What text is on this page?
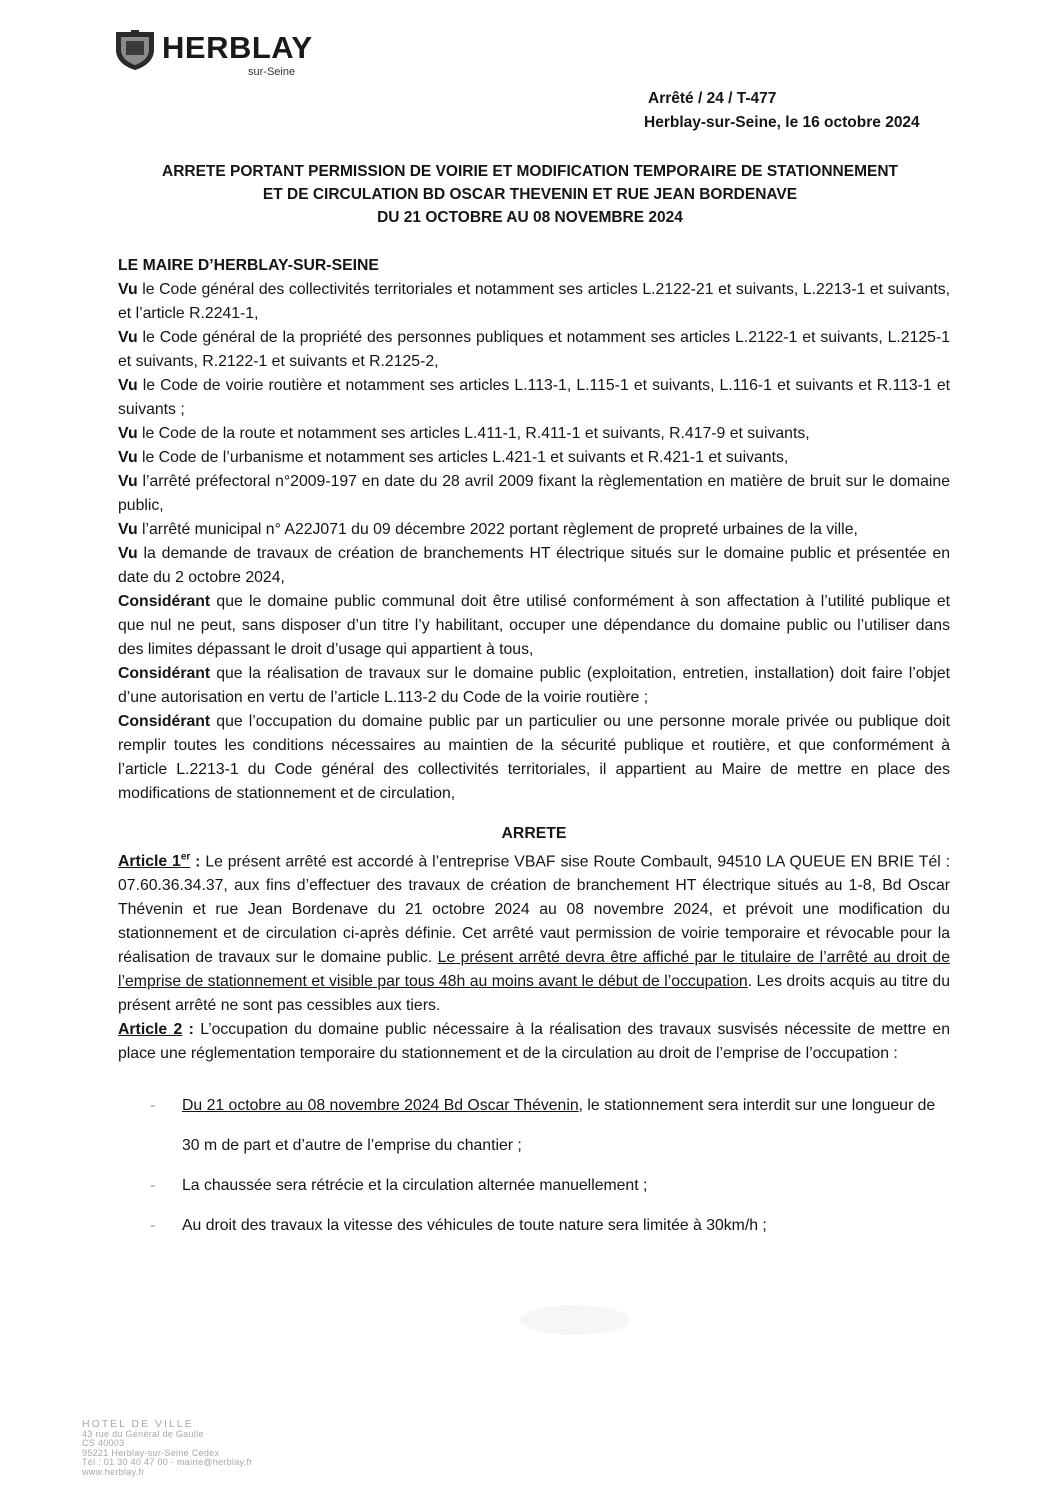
HERBLAY
sur-Seine
Arrêté / 24 / T-477
Herblay-sur-Seine, le 16 octobre 2024
ARRETE PORTANT PERMISSION DE VOIRIE ET MODIFICATION TEMPORAIRE DE STATIONNEMENT
ET DE CIRCULATION BD OSCAR THEVENIN ET RUE JEAN BORDENAVE
DU 21 OCTOBRE AU 08 NOVEMBRE 2024

LE MAIRE D’HERBLAY-SUR-SEINE

Vu le Code général des collectivités territoriales et notamment ses articles L.2122-21 et suivants, L.2213-1 et suivants, et l’article R.2241-1,

Vu le Code général de la propriété des personnes publiques et notamment ses articles L.2122-1 et suivants, L.2125-1 et suivants, R.2122-1 et suivants et R.2125-2,

Vu le Code de voirie routière et notamment ses articles L.113-1, L.115-1 et suivants, L.116-1 et suivants et R.113-1 et suivants ;

Vu le Code de la route et notamment ses articles L.411-1, R.411-1 et suivants, R.417-9 et suivants,

Vu le Code de l’urbanisme et notamment ses articles L.421-1 et suivants et R.421-1 et suivants,

Vu l’arrêté préfectoral n°2009-197 en date du 28 avril 2009 fixant la règlementation en matière de bruit sur le domaine public,

Vu l’arrêté municipal n° A22J071 du 09 décembre 2022 portant règlement de propreté urbaines de la ville,

Vu la demande de travaux de création de branchements HT électrique situés sur le domaine public et présentée en date du 2 octobre 2024,

Considérant que le domaine public communal doit être utilisé conformément à son affectation à l’utilité publique et que nul ne peut, sans disposer d’un titre l’y habilitant, occuper une dépendance du domaine public ou l’utiliser dans des limites dépassant le droit d’usage qui appartient à tous,

Considérant que la réalisation de travaux sur le domaine public (exploitation, entretien, installation) doit faire l’objet d’une autorisation en vertu de l’article L.113-2 du Code de la voirie routière ;

Considérant que l’occupation du domaine public par un particulier ou une personne morale privée ou publique doit remplir toutes les conditions nécessaires au maintien de la sécurité publique et routière, et que conformément à l’article L.2213-1 du Code général des collectivités territoriales, il appartient au Maire de mettre en place des modifications de stationnement et de circulation,

ARRETE

Article 1er : Le présent arrêté est accordé à l’entreprise VBAF sise Route Combault, 94510 LA QUEUE EN BRIE Tél : 07.60.36.34.37, aux fins d’effectuer des travaux de création de branchement HT électrique situés au 1-8, Bd Oscar Thévenin et rue Jean Bordenave du 21 octobre 2024 au 08 novembre 2024, et prévoit une modification du stationnement et de circulation ci-après définie. Cet arrêté vaut permission de voirie temporaire et révocable pour la réalisation de travaux sur le domaine public. Le présent arrêté devra être affiché par le titulaire de l’arrêté au droit de l’emprise de stationnement et visible par tous 48h au moins avant le début de l’occupation. Les droits acquis au titre du présent arrêté ne sont pas cessibles aux tiers.

Article 2 : L’occupation du domaine public nécessaire à la réalisation des travaux susvisés nécessite de mettre en place une réglementation temporaire du stationnement et de la circulation au droit de l’emprise de l’occupation :

- Du 21 octobre au 08 novembre 2024 Bd Oscar Thévenin, le stationnement sera interdit sur une longueur de 30 m de part et d’autre de l’emprise du chantier ;
- La chaussée sera rétrécie et la circulation alternée manuellement ;
- Au droit des travaux la vitesse des véhicules de toute nature sera limitée à 30km/h ;
HOTEL DE VILLE
43 rue du Général de Gaulle
CS 40003
95221 Herblay-sur-Seine Cedex
Tél : 01 30 40 47 00 - mairie@herblay.fr
www.herblay.fr
